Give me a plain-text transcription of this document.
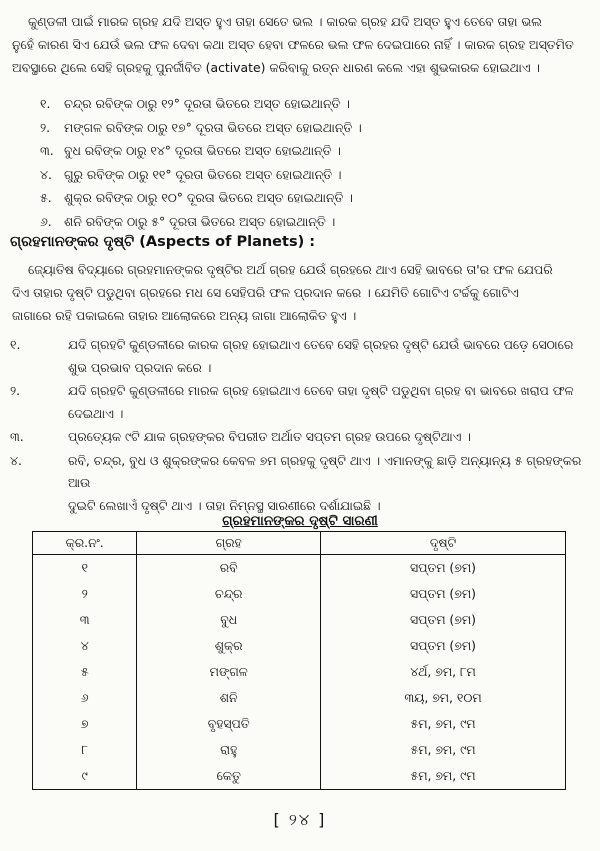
କୁଣ୍ଡଳୀ ପାଇଁ ମାରକ ଗ୍ରହ ଯଦି ଅସ୍ତ ହୁଏ ତାହା ସେତେ ଭଲ । କାରକ ଗ୍ରହ ଯଦି ଅସ୍ତ ହୁଏ ତେବେ ତାହା ଭଲ

ନୁହେଁ କାରଣ ସିଏ ଯେଉଁ ଭଲ ଫଳ ଦେବା କଥା ଅସ୍ତ ହେବା ଫଳରେ ଭଲ ଫଳ ଦେଇପାରେ ନାହିଁ । କାରକ ଗ୍ରହ ଅସ୍ତମିତ

ଅବସ୍ଥାରେ ଥିଲେ ସେହି ଗ୍ରହକୁ ପୁନର୍ଜୀବିତ (activate) କରିବାକୁ ରତ୍ନ ଧାରଣ କଲେ ଏହା ଶୁଭକାରକ ହୋଇଥାଏ ।

୧.	ଚନ୍ଦ୍ର ରବିଙ୍କ ଠାରୁ ୧୨° ଦୂରତା ଭିତରେ ଅସ୍ତ ହୋଇଥାନ୍ତି ।
୨.	ମଙ୍ଗଳ ରବିଙ୍କ ଠାରୁ ୧୭° ଦୂରତା ଭିତରେ ଅସ୍ତ ହୋଇଥାନ୍ତି ।
୩. ବୁଧ ରବିଙ୍କ ଠାରୁ ୧୪° ଦୂରତା ଭିତରେ ଅସ୍ତ ହୋଇଥାନ୍ତି ।
୪. ଗୁରୁ ରବିଙ୍କ ଠାରୁ ୧୧° ଦୂରତା ଭିତରେ ଅସ୍ତ ହୋଇଥାନ୍ତି ।
୫. ଶୁକ୍ର ରବିଙ୍କ ଠାରୁ ୧୦° ଦୂରତା ଭିତରେ ଅସ୍ତ ହୋଇଥାନ୍ତି ।
୬. ଶନି ରବିଙ୍କ ଠାରୁ ୫° ଦୂରତା ଭିତରେ ଅସ୍ତ ହୋଇଥାନ୍ତି ।
ଗ୍ରହମାନଙ୍କର ଦୃଷ୍ଟି (Aspects of Planets) :

ଜ୍ୟୋତିଷ ବିଦ୍ୟାରେ ଗ୍ରହମାନଙ୍କର ଦୃଷ୍ଟିର ଅର୍ଥ ଗ୍ରହ ଯେଉଁ ଗ୍ରହରେ ଥାଏ ସେହି ଭାବରେ ତା'ର ଫଳ ଯେପରି

ଦିଏ ତାହାର ଦୃଷ୍ଟି ପଡୁଥିବା ଗ୍ରହରେ ମଧ ସେ ସେହିପରି ଫଳ ପ୍ରଦାନ କରେ । ଯେମିତି ଗୋଟିଏ ଟର୍ଚ୍ଚକୁ ଗୋଟିଏ

ଜାଗାରେ ରହି ପକାଇଲେ ତାହାର ଆଲୋକରେ ଅନ୍ୟ ଜାଗା ଆଲୋକିତ ହୁଏ ।

୧.	ଯଦି ଗ୍ରହଟି କୁଣ୍ଡଳୀରେ କାରକ ଗ୍ରହ ହୋଇଥାଏ ତେବେ ସେହି ଗ୍ରହର ଦୃଷ୍ଟି ଯେଉଁ ଭାବରେ ପଡ଼େ ସେଠାରେ

ଶୁଭ ପ୍ରଭାବ ପ୍ରଦାନ କରେ ।

୨.	ଯଦି ଗ୍ରହଟି କୁଣ୍ଡଳୀରେ ମାରକ ଗ୍ରହ ହୋଇଥାଏ ତେବେ ତାହା ଦୃଷ୍ଟି ପଡୁଥିବା ଗ୍ରହ ବା ଭାବରେ ଖରାପ ଫଳ

ଦେଇଥାଏ ।

୩.	ପ୍ରତ୍ୟେକ ୯ଟି ଯାକ ଗ୍ରହଙ୍କର ବିପରୀତ ଅର୍ଥାତ ସପ୍ତମ ଗ୍ରହ ଉପରେ ଦୃଷ୍ଟିଥାଏ ।

୪.	ରବି, ଚନ୍ଦ୍ର, ବୁଧ ଓ ଶୁକ୍ରଙ୍କର କେବଳ ୭ମ ଗ୍ରହକୁ ଦୃଷ୍ଟି ଥାଏ । ଏମାନଙ୍କୁ ଛାଡ଼ି ଅନ୍ୟାନ୍ୟ ୫ ଗ୍ରହଙ୍କର ଆଉ

ଦୁଇଟି ଲେଖାଏଁ ଦୃଷ୍ଟି ଥାଏ । ତାହା ନିମ୍ନସ୍ଥ ସାରଣୀରେ ଦର୍ଶାଯାଇଛି ।

ଗ୍ରହମାନଙ୍କର ଦୃଷ୍ଟି ସାରଣୀ
କ୍ର.ନଂ.	ଗ୍ରହ	ଦୃଷ୍ଟି
୧	ରବି	ସପ୍ତମ (୭ମ)
୨	ଚନ୍ଦ୍ର	ସପ୍ତମ (୭ମ)
୩	ବୁଧ	ସପ୍ତମ (୭ମ)
୪	ଶୁକ୍ର	ସପ୍ତମ (୭ମ)
୫	ମଙ୍ଗଳ	୪ର୍ଥ, ୭ମ, ୮ମ
୬	ଶନି	୩ୟ, ୭ମ, ୧୦ମ
୭	ବୃହସ୍ପତି	୫ମ, ୭ମ, ୯ମ
୮	ରାହୁ	୫ମ, ୭ମ, ୯ମ
୯	କେତୁ	୫ମ, ୭ମ, ୯ମ
[ ୨୪ ]
